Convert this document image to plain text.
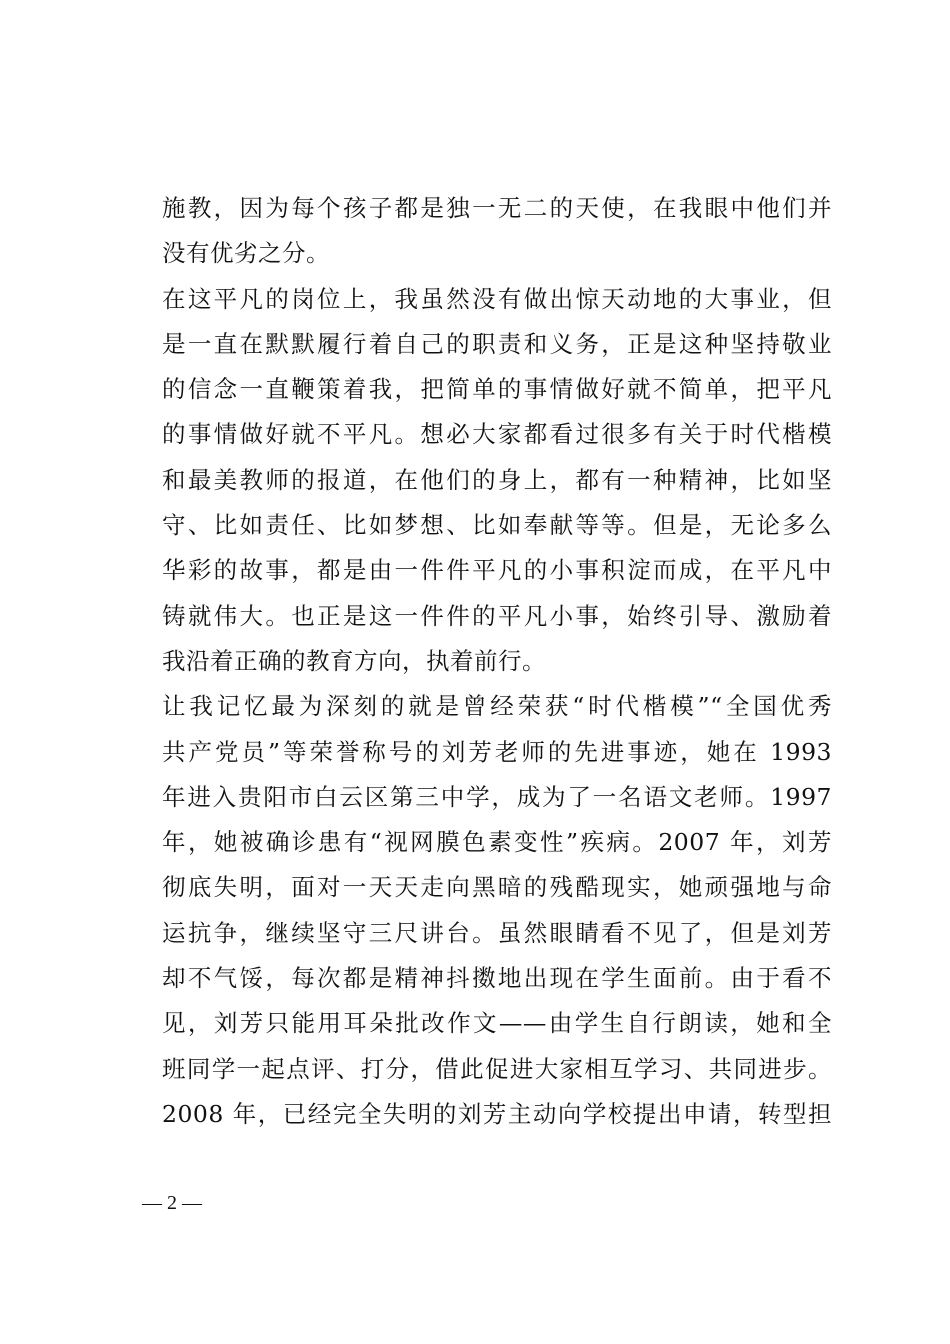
施教，因为每个孩子都是独一无二的天使，在我眼中他们并
没有优劣之分。
在这平凡的岗位上，我虽然没有做出惊天动地的大事业，但
是一直在默默履行着自己的职责和义务，正是这种坚持敬业
的信念一直鞭策着我，把简单的事情做好就不简单，把平凡
的事情做好就不平凡。想必大家都看过很多有关于时代楷模
和最美教师的报道，在他们的身上，都有一种精神，比如坚
守、比如责任、比如梦想、比如奉献等等。但是，无论多么
华彩的故事，都是由一件件平凡的小事积淀而成，在平凡中
铸就伟大。也正是这一件件的平凡小事，始终引导、激励着
我沿着正确的教育方向，执着前行。
让我记忆最为深刻的就是曾经荣获“时代楷模”“全国优秀
共产党员”等荣誉称号的刘芳老师的先进事迹，她在 1993
年进入贵阳市白云区第三中学，成为了一名语文老师。1997
年，她被确诊患有“视网膜色素变性”疾病。2007 年，刘芳
彻底失明，面对一天天走向黑暗的残酷现实，她顽强地与命
运抗争，继续坚守三尺讲台。虽然眼睛看不见了，但是刘芳
却不气馁，每次都是精神抖擞地出现在学生面前。由于看不
见，刘芳只能用耳朵批改作文——由学生自行朗读，她和全
班同学一起点评、打分，借此促进大家相互学习、共同进步。
2008 年，已经完全失明的刘芳主动向学校提出申请，转型担
— 2 —
